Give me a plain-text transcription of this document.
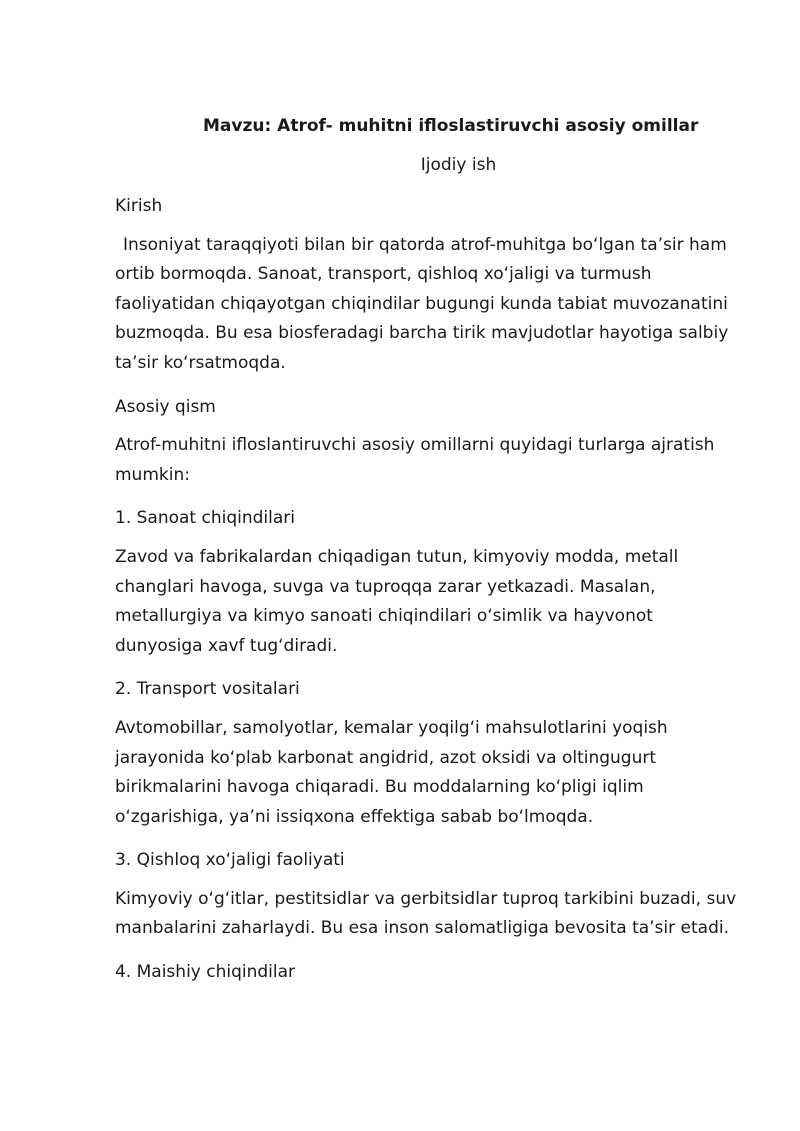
Mavzu: Atrof- muhitni ifloslastiruvchi asosiy omillar
Ijodiy ish
Kirish

Insoniyat taraqqiyoti bilan bir qatorda atrof-muhitga bo‘lgan ta’sir ham ortib bormoqda. Sanoat, transport, qishloq xo‘jaligi va turmush faoliyatidan chiqayotgan chiqindilar bugungi kunda tabiat muvozanatini buzmoqda. Bu esa biosferadagi barcha tirik mavjudotlar hayotiga salbiy ta’sir ko‘rsatmoqda.

Asosiy qism

Atrof-muhitni ifloslantiruvchi asosiy omillarni quyidagi turlarga ajratish mumkin:

1. Sanoat chiqindilari

Zavod va fabrikalardan chiqadigan tutun, kimyoviy modda, metall changlari havoga, suvga va tuproqqa zarar yetkazadi. Masalan, metallurgiya va kimyo sanoati chiqindilari o‘simlik va hayvonot dunyosiga xavf tug‘diradi.

2. Transport vositalari

Avtomobillar, samolyotlar, kemalar yoqilg‘i mahsulotlarini yoqish jarayonida ko‘plab karbonat angidrid, azot oksidi va oltingugurt birikmalarini havoga chiqaradi. Bu moddalarning ko‘pligi iqlim o‘zgarishiga, ya’ni issiqxona effektiga sabab bo‘lmoqda.

3. Qishloq xo‘jaligi faoliyati

Kimyoviy o‘g‘itlar, pestitsidlar va gerbitsidlar tuproq tarkibini buzadi, suv manbalarini zaharlaydi. Bu esa inson salomatligiga bevosita ta’sir etadi.

4. Maishiy chiqindilar
